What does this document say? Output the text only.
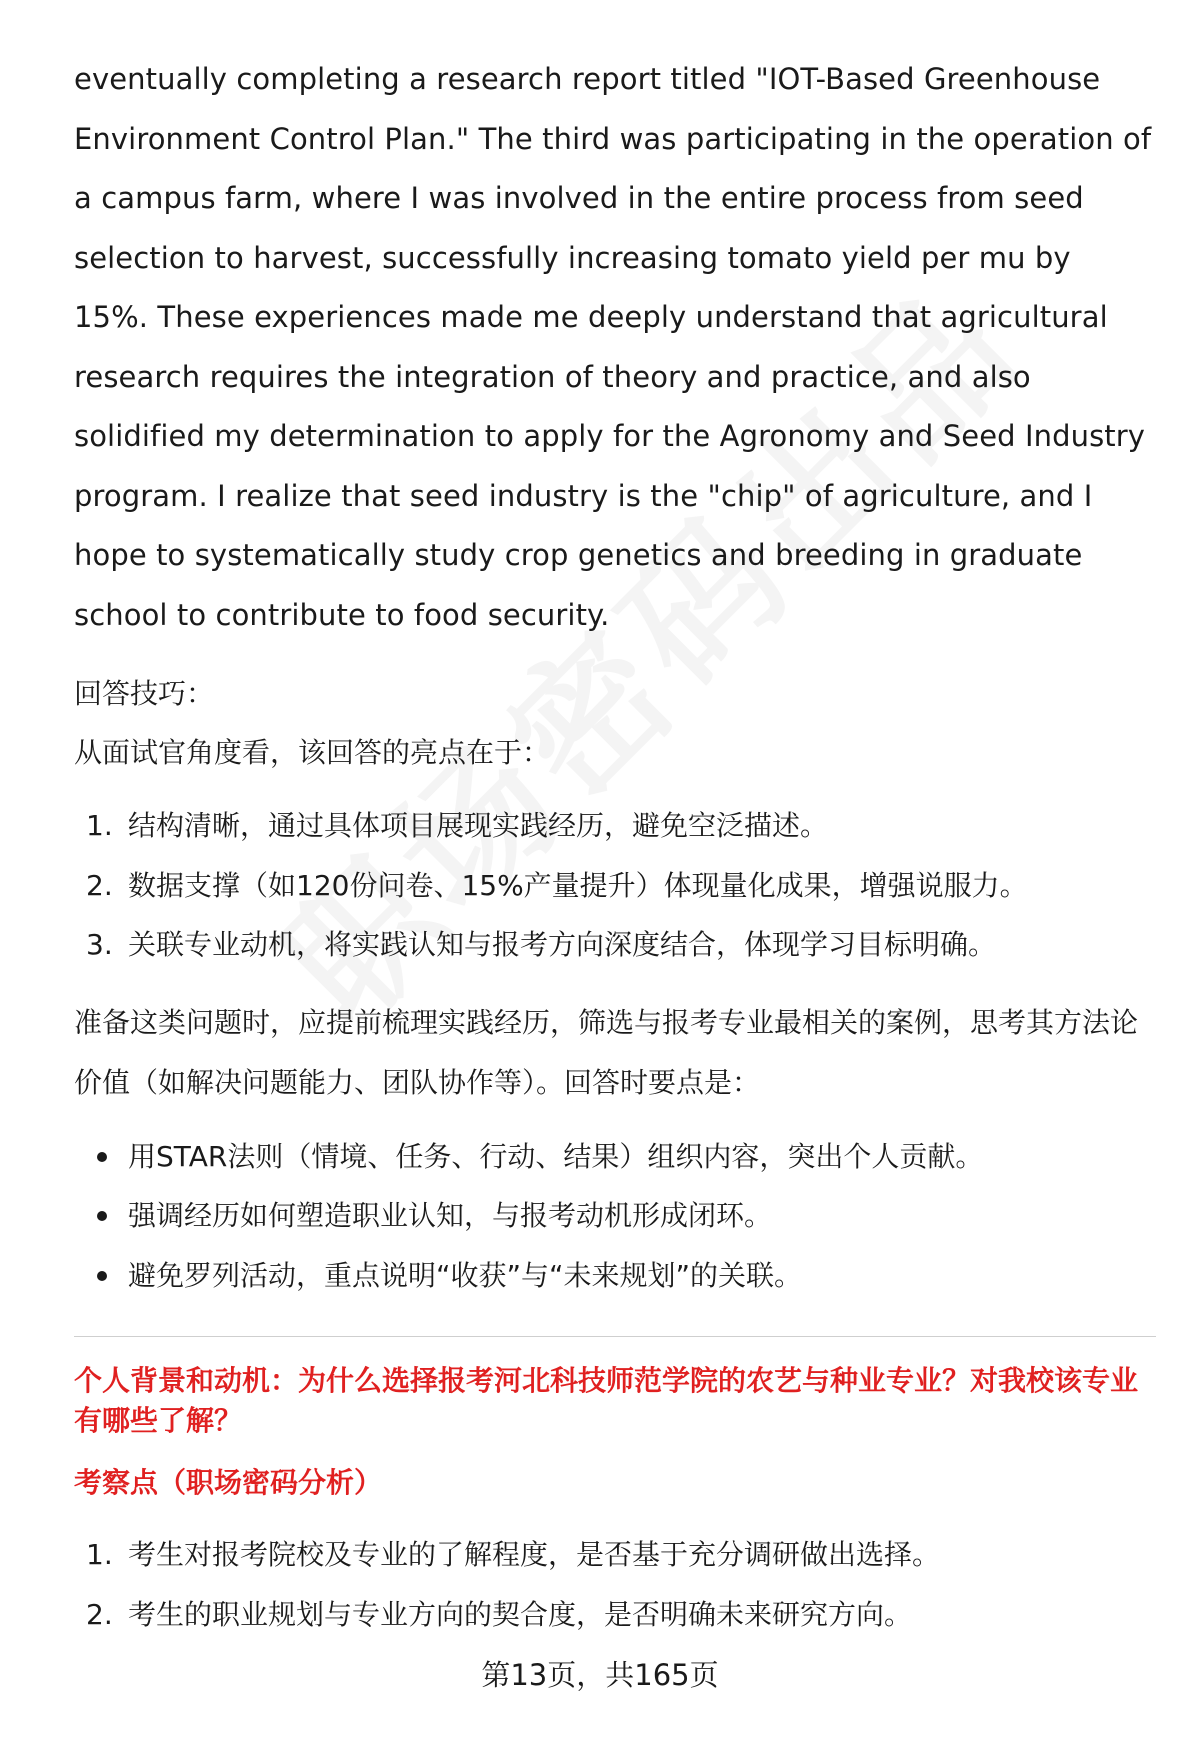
eventually completing a research report titled "IOT-Based Greenhouse Environment Control Plan." The third was participating in the operation of a campus farm, where I was involved in the entire process from seed selection to harvest, successfully increasing tomato yield per mu by 15%. These experiences made me deeply understand that agricultural research requires the integration of theory and practice, and also solidified my determination to apply for the Agronomy and Seed Industry program. I realize that seed industry is the "chip" of agriculture, and I hope to systematically study crop genetics and breeding in graduate school to contribute to food security.

回答技巧：

从面试官角度看，该回答的亮点在于：

1. 结构清晰，通过具体项目展现实践经历，避免空泛描述。
2. 数据支撑（如120份问卷、15%产量提升）体现量化成果，增强说服力。
3. 关联专业动机，将实践认知与报考方向深度结合，体现学习目标明确。

准备这类问题时，应提前梳理实践经历，筛选与报考专业最相关的案例，思考其方法论价值（如解决问题能力、团队协作等）。回答时要点是：

用STAR法则（情境、任务、行动、结果）组织内容，突出个人贡献。
强调经历如何塑造职业认知，与报考动机形成闭环。
避免罗列活动，重点说明“收获”与“未来规划”的关联。

个人背景和动机：为什么选择报考河北科技师范学院的农艺与种业专业？对我校该专业有哪些了解？

考察点（职场密码分析）

1. 考生对报考院校及专业的了解程度，是否基于充分调研做出选择。
2. 考生的职业规划与专业方向的契合度，是否明确未来研究方向。
第13页，共165页
